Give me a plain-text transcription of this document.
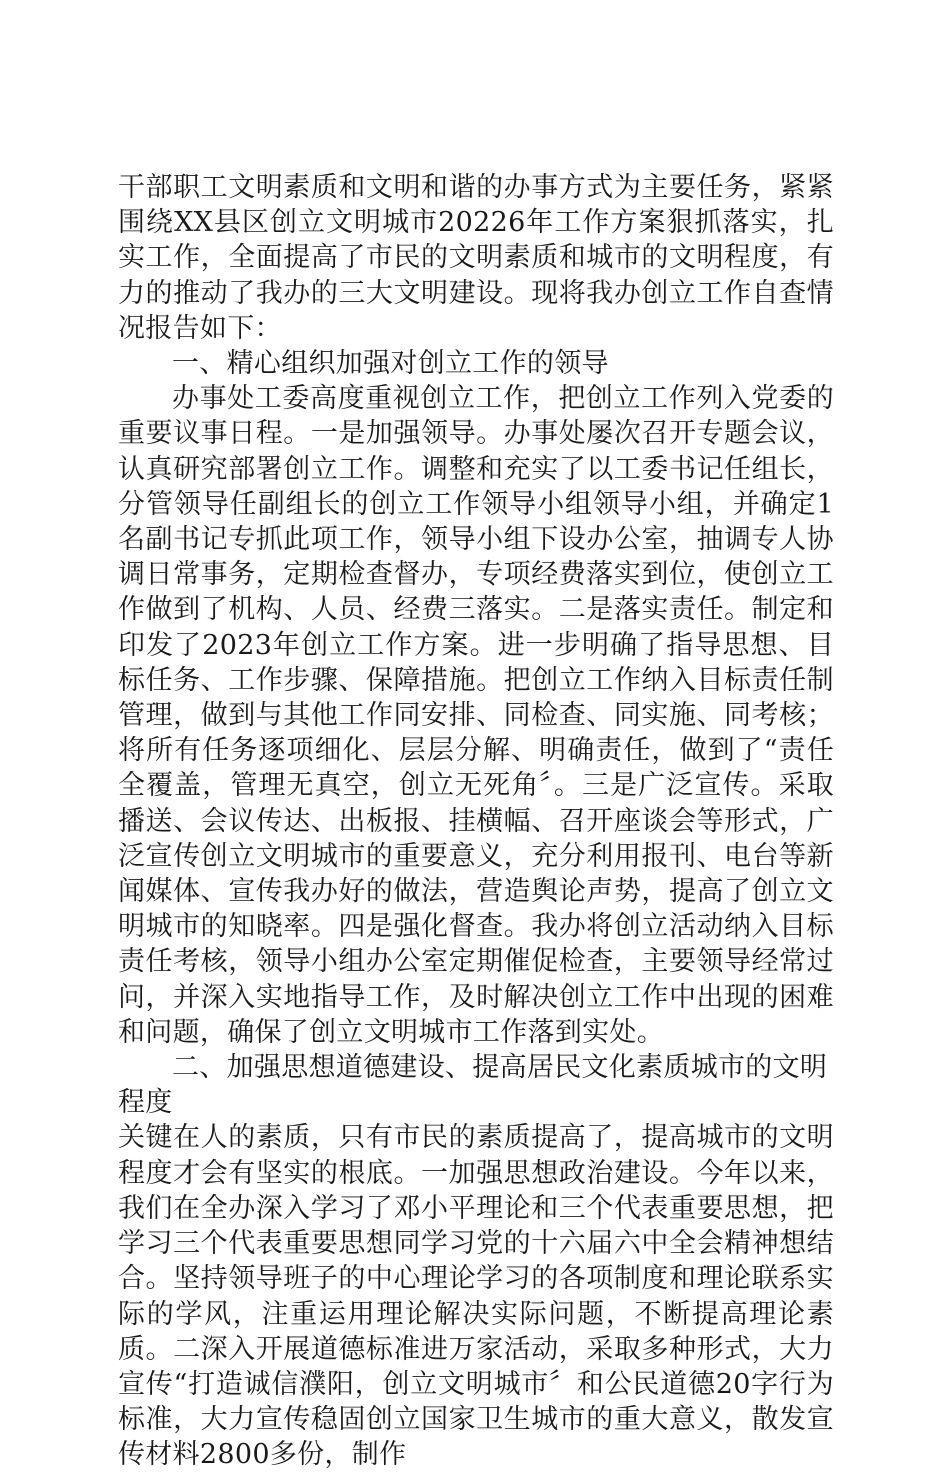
干部职工文明素质和文明和谐的办事方式为主要任务，紧紧围绕XX县区创立文明城市20226年工作方案狠抓落实，扎实工作，全面提高了市民的文明素质和城市的文明程度，有力的推动了我办的三大文明建设。现将我办创立工作自查情况报告如下：

一、精心组织加强对创立工作的领导

办事处工委高度重视创立工作，把创立工作列入党委的重要议事日程。一是加强领导。办事处屡次召开专题会议，认真研究部署创立工作。调整和充实了以工委书记任组长，分管领导任副组长的创立工作领导小组领导小组，并确定1名副书记专抓此项工作，领导小组下设办公室，抽调专人协调日常事务，定期检查督办，专项经费落实到位，使创立工作做到了机构、人员、经费三落实。二是落实责任。制定和印发了2023年创立工作方案。进一步明确了指导思想、目标任务、工作步骤、保障措施。把创立工作纳入目标责任制管理，做到与其他工作同安排、同检查、同实施、同考核；将所有任务逐项细化、层层分解、明确责任，做到了“责任全覆盖，管理无真空，创立无死角〞。三是广泛宣传。采取播送、会议传达、出板报、挂横幅、召开座谈会等形式，广泛宣传创立文明城市的重要意义，充分利用报刊、电台等新闻媒体、宣传我办好的做法，营造舆论声势，提高了创立文明城市的知晓率。四是强化督查。我办将创立活动纳入目标责任考核，领导小组办公室定期催促检查，主要领导经常过问，并深入实地指导工作，及时解决创立工作中出现的困难和问题，确保了创立文明城市工作落到实处。

二、加强思想道德建设、提高居民文化素质城市的文明程度

关键在人的素质，只有市民的素质提高了，提高城市的文明程度才会有坚实的根底。一加强思想政治建设。今年以来，我们在全办深入学习了邓小平理论和三个代表重要思想，把学习三个代表重要思想同学习党的十六届六中全会精神想结合。坚持领导班子的中心理论学习的各项制度和理论联系实际的学风，注重运用理论解决实际问题，不断提高理论素质。二深入开展道德标准进万家活动，采取多种形式，大力宣传“打造诚信濮阳，创立文明城市〞和公民道德20字行为标准，大力宣传稳固创立国家卫生城市的重大意义，散发宣传材料2800多份，制作
